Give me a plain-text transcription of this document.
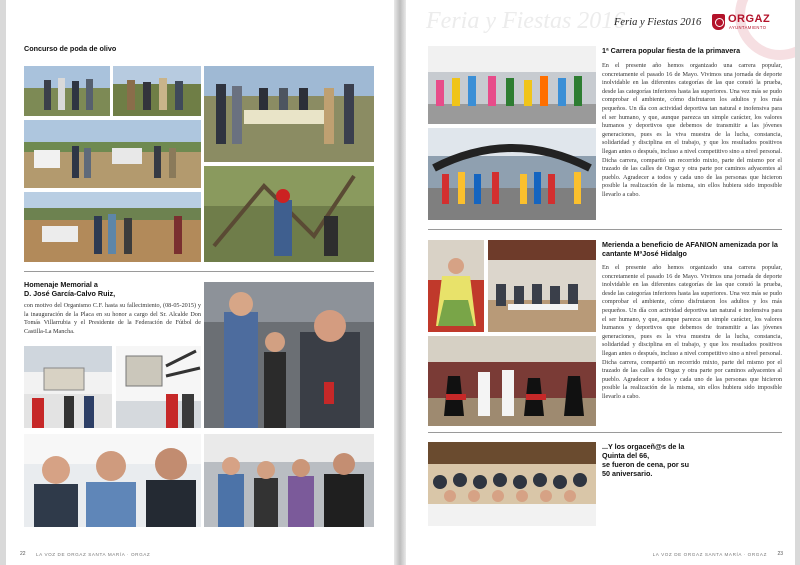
Concurso de poda de olivo
Homenaje Memorial a
D. José García-Calvo Ruiz,
con motivo del Organismo C.F. hasta su fallecimiento, (08-05-2015) y la inauguración de la Placa en su honor a cargo del Sr. Alcalde Don Tomás Villarrubia y el Presidente de la Federación de Fútbol de Castilla-La Mancha.
22 LA VOZ DE ORGAZ SANTA MARÍA · ORGAZ
Feria y Fiestas 2016
Feria y Fiestas 2016 ORGAZ
AYUNTAMIENTO
1ª Carrera popular fiesta de la primavera
En el presente año hemos organizado una carrera popular, concretamente el pasado 16 de Mayo. Vivimos una jornada de deporte inolvidable en las diferentes categorías de las que constó la prueba, desde las categorías inferiores hasta las superiores. Una vez más se pudo comprobar el ambiente, cómo disfrutaron los adultos y los más pequeños. Un día con actividad deportiva tan natural e inofensiva para el ser humano, y que, aunque parezca un simple carácter, los valores humanos y deportivos que debemos de transmitir a las jóvenes generaciones, pues es la viva muestra de la lucha, constancia, solidaridad y disciplina en el trabajo, y que los resultados positivos llegan antes o después, incluso a nivel competitivo sino a nivel personal. Dicha carrera, compartió un recorrido mixto, parte del mismo por el trazado de las calles de Orgaz y otra parte por caminos adyacentes al pueblo. Agradecer a todos y cada uno de las personas que hicieron posible la realización de la misma, sin ellos hubiera sido imposible llevarlo a cabo.
Merienda a beneficio de AFANION amenizada por la cantante MªJosé Hidalgo
En el presente año hemos organizado una carrera popular, concretamente el pasado 16 de Mayo. Vivimos una jornada de deporte inolvidable en las diferentes categorías de las que constó la prueba, desde las categorías inferiores hasta las superiores. Una vez más se pudo comprobar el ambiente, cómo disfrutaron los adultos y los más pequeños. Un día con actividad deportiva tan natural e inofensiva para el ser humano, y que, aunque parezca un simple carácter, los valores humanos y deportivos que debemos de transmitir a las jóvenes generaciones, pues es la viva muestra de la lucha, constancia, solidaridad y disciplina en el trabajo, y que los resultados positivos llegan antes o después, incluso a nivel competitivo sino a nivel personal. Dicha carrera, compartió un recorrido mixto, parte del mismo por el trazado de las calles de Orgaz y otra parte por caminos adyacentes al pueblo. Agradecer a todos y cada uno de las personas que hicieron posible la realización de la misma, sin ellos hubiera sido imposible llevarlo a cabo.
...Y los orgaceñ@s de la
Quinta del 66,
se fueron de cena, por su
50 aniversario.
LA VOZ DE ORGAZ SANTA MARÍA · ORGAZ 23
